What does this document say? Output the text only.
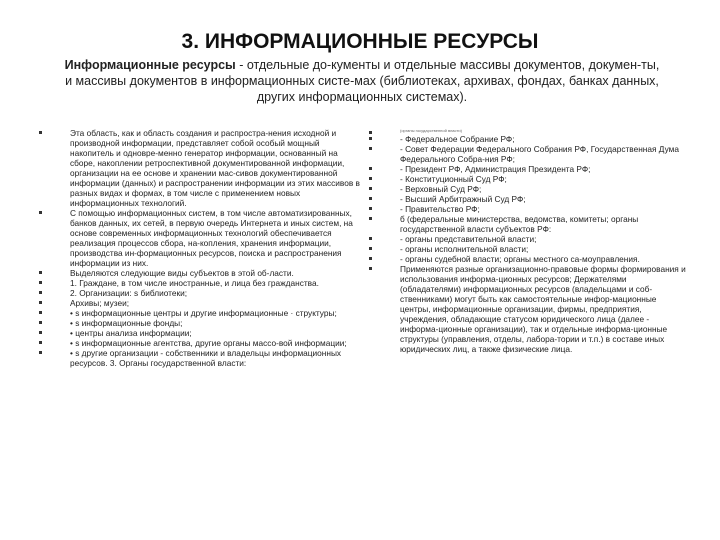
3. ИНФОРМАЦИОННЫЕ РЕСУРСЫ
Информационные ресурсы - отдельные до-кументы и отдельные массивы документов, докумен-ты, и массивы документов в информационных систе-мах (библиотеках, архивах, фондах, банках данных, других информационных системах).
Эта область, как и область создания и распростра-нения исходной и производной информации, представляет собой особый мощный накопитель и одновре-менно генератор информации, основанный на сборе, накоплении ретроспективной документированной информации, организации на ее основе и хранении мас-сивов документированной информации (данных) и распространении информации из этих массивов в разных видах и формах, в том числе с применением новых информационных технологий.
С помощью информационных систем, в том числе автоматизированных, банков данных, их сетей, в первую очередь Интернета и иных систем, на основе современных информационных технологий обеспечивается реализация процессов сбора, на-копления, хранения информации, производства ин-формационных ресурсов, поиска и распространения информации из них.
Выделяются следующие виды субъектов в этой об-ласти.
1. Граждане, в том числе иностранные, и лица без гражданства.
2. Организации: s библиотеки;
Архивы; музеи;
• s информационные центры и другие информационные · структуры;
• s информационные фонды;
• центры анализа информации;
• s информационные агентства, другие органы массо-вой информации;
• s другие организации - собственники и владельцы информационных ресурсов. 3. Органы государственной власти:
(органы государственной власти)
- Федеральное Собрание РФ;
- Совет Федерации Федерального Собрания РФ, Государственная Дума Федерального Собра-ния РФ;
- Президент РФ, Администрация Президента РФ;
- Конституционный Суд РФ;
- Верховный Суд РФ;
- Высший Арбитражный Суд РФ;
- Правительство РФ;
б (федеральные министерства, ведомства, комитеты; органы государственной власти субъектов РФ:
- органы представительной власти;
- органы исполнительной власти;
- органы судебной власти; органы местного са-моуправления.
Применяются разные организационно-правовые формы формирования и использования информа-ционных ресурсов; Держателями (обладателями) информационных ресурсов (владельцами и соб-ственниками) могут быть как самостоятельные инфор-мационные центры, информационные организации, фирмы, предприятия, учреждения, обладающие статусом юридического лица (далее - информа-ционные организации), так и отдельные информа-ционные структуры (управления, отделы, лабора-тории и т.п.) в составе иных юридических лиц, а также физические лица.
